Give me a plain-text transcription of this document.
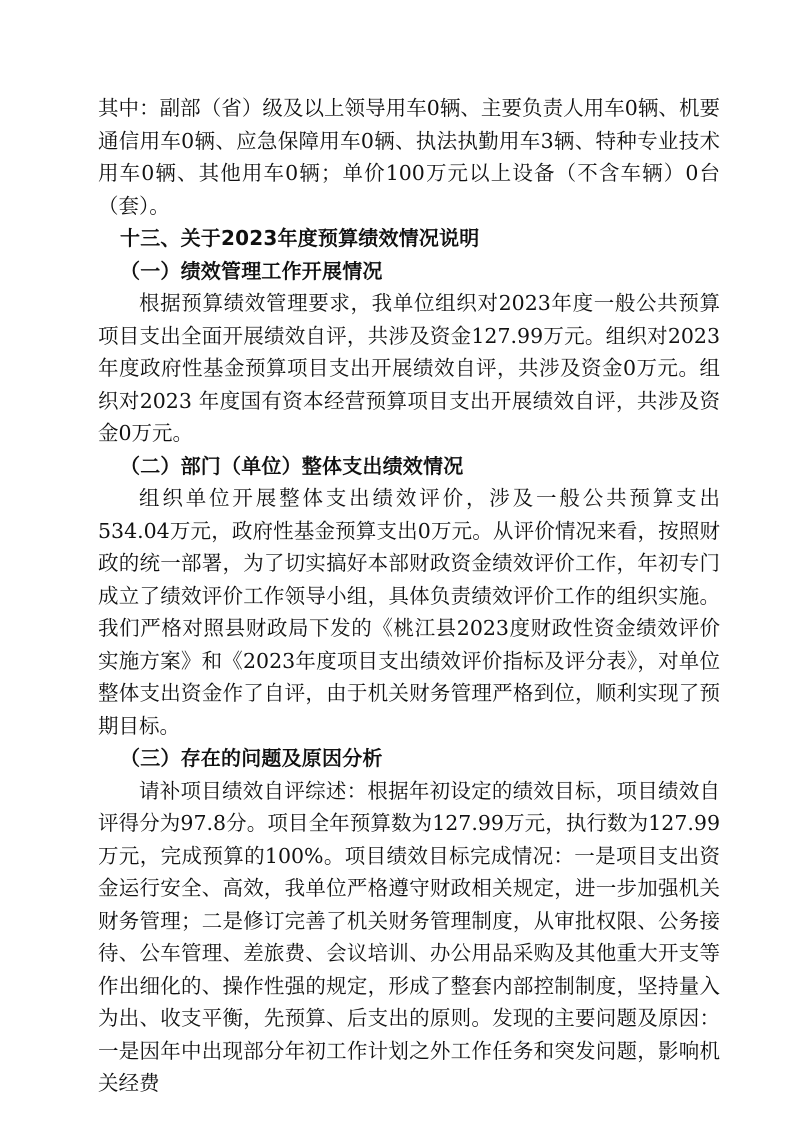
其中：副部（省）级及以上领导用车0辆、主要负责人用车0辆、机要通信用车0辆、应急保障用车0辆、执法执勤用车3辆、特种专业技术用车0辆、其他用车0辆；单价100万元以上设备（不含车辆）0台（套）。

十三、关于2023年度预算绩效情况说明

（一）绩效管理工作开展情况

根据预算绩效管理要求，我单位组织对2023年度一般公共预算项目支出全面开展绩效自评，共涉及资金127.99万元。组织对2023年度政府性基金预算项目支出开展绩效自评，共涉及资金0万元。组织对2023 年度国有资本经营预算项目支出开展绩效自评，共涉及资金0万元。

（二）部门（单位）整体支出绩效情况

组织单位开展整体支出绩效评价，涉及一般公共预算支出534.04万元，政府性基金预算支出0万元。从评价情况来看，按照财政的统一部署，为了切实搞好本部财政资金绩效评价工作，年初专门成立了绩效评价工作领导小组，具体负责绩效评价工作的组织实施。我们严格对照县财政局下发的《桃江县2023度财政性资金绩效评价实施方案》和《2023年度项目支出绩效评价指标及评分表》，对单位整体支出资金作了自评，由于机关财务管理严格到位，顺利实现了预期目标。

（三）存在的问题及原因分析

请补项目绩效自评综述：根据年初设定的绩效目标，项目绩效自评得分为97.8分。项目全年预算数为127.99万元，执行数为127.99万元，完成预算的100%。项目绩效目标完成情况：一是项目支出资金运行安全、高效，我单位严格遵守财政相关规定，进一步加强机关财务管理；二是修订完善了机关财务管理制度，从审批权限、公务接待、公车管理、差旅费、会议培训、办公用品采购及其他重大开支等作出细化的、操作性强的规定，形成了整套内部控制制度，坚持量入为出、收支平衡，先预算、后支出的原则。发现的主要问题及原因：一是因年中出现部分年初工作计划之外工作任务和突发问题，影响机关经费
